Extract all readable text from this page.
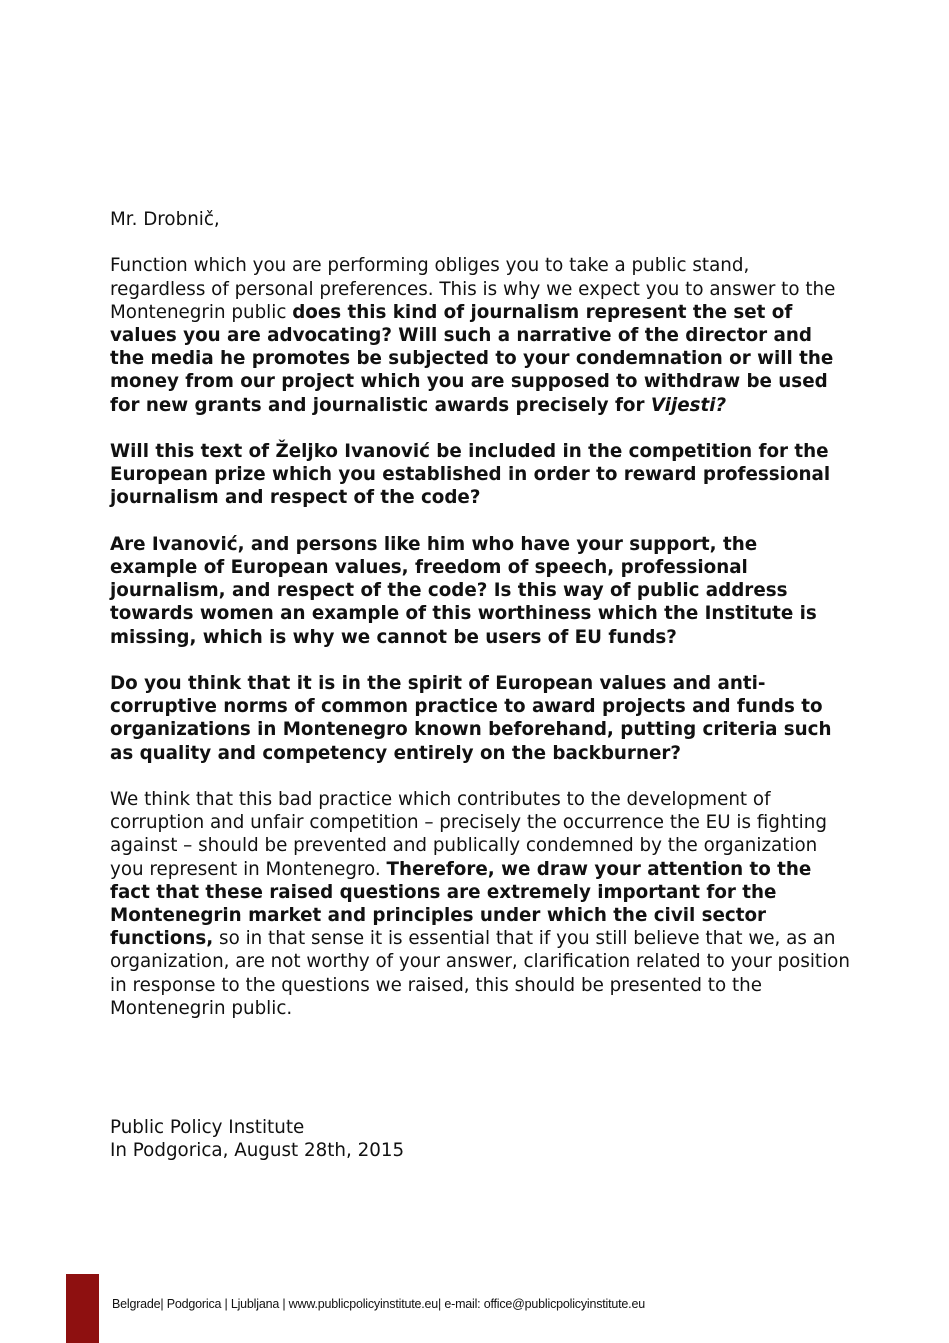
Mr. Drobnič,

Function which you are performing obliges you to take a public stand, regardless of personal preferences. This is why we expect you to answer to the Montenegrin public does this kind of journalism represent the set of values you are advocating? Will such a narrative of the director and the media he promotes be subjected to your condemnation or will the money from our project which you are supposed to withdraw be used for new grants and journalistic awards precisely for Vijesti?

Will this text of Željko Ivanović be included in the competition for the European prize which you established in order to reward professional journalism and respect of the code?

Are Ivanović, and persons like him who have your support, the example of European values, freedom of speech, professional journalism, and respect of the code? Is this way of public address towards women an example of this worthiness which the Institute is missing, which is why we cannot be users of EU funds?

Do you think that it is in the spirit of European values and anti-corruptive norms of common practice to award projects and funds to organizations in Montenegro known beforehand, putting criteria such as quality and competency entirely on the backburner?

We think that this bad practice which contributes to the development of corruption and unfair competition – precisely the occurrence the EU is fighting against – should be prevented and publically condemned by the organization you represent in Montenegro. Therefore, we draw your attention to the fact that these raised questions are extremely important for the Montenegrin market and principles under which the civil sector functions, so in that sense it is essential that if you still believe that we, as an organization, are not worthy of your answer, clarification related to your position in response to the questions we raised, this should be presented to the Montenegrin public.

Public Policy Institute
In Podgorica, August 28th, 2015
Belgrade| Podgorica | Ljubljana | www.publicpolicyinstitute.eu| e-mail: office@publicpolicyinstitute.eu
